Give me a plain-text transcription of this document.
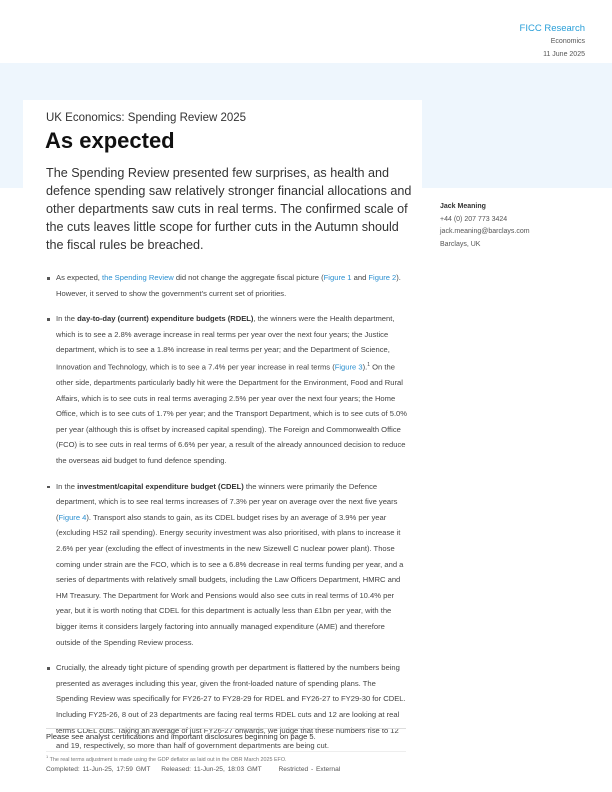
FICC Research
Economics
11 June 2025
UK Economics: Spending Review 2025
As expected
The Spending Review presented few surprises, as health and defence spending saw relatively stronger financial allocations and other departments saw cuts in real terms. The confirmed scale of the cuts leaves little scope for further cuts in the Autumn should the fiscal rules be breached.
Jack Meaning
+44 (0) 207 773 3424
jack.meaning@barclays.com
Barclays, UK
As expected, the Spending Review did not change the aggregate fiscal picture (Figure 1 and Figure 2). However, it served to show the government's current set of priorities.
In the day-to-day (current) expenditure budgets (RDEL), the winners were the Health department, which is to see a 2.8% average increase in real terms per year over the next four years; the Justice department, which is to see a 1.8% increase in real terms per year; and the Department of Science, Innovation and Technology, which is to see a 7.4% per year increase in real terms (Figure 3).$^1$ On the other side, departments particularly badly hit were the Department for the Environment, Food and Rural Affairs, which is to see cuts in real terms averaging 2.5% per year over the next four years; the Home Office, which is to see cuts of 1.7% per year; and the Transport Department, which is to see cuts of 5.0% per year (although this is offset by increased capital spending). The Foreign and Commonwealth Office (FCO) is to see cuts in real terms of 6.6% per year, a result of the already announced decision to reduce the overseas aid budget to fund defence spending.
In the investment/capital expenditure budget (CDEL) the winners were primarily the Defence department, which is to see real terms increases of 7.3% per year on average over the next five years (Figure 4). Transport also stands to gain, as its CDEL budget rises by an average of 3.9% per year (excluding HS2 rail spending). Energy security investment was also prioritised, with plans to increase it 2.6% per year (excluding the effect of investments in the new Sizewell C nuclear power plant). Those coming under strain are the FCO, which is to see a 6.8% decrease in real terms funding per year, and a series of departments with relatively small budgets, including the Law Officers Department, HMRC and HM Treasury. The Department for Work and Pensions would also see cuts in real terms of 10.4% per year, but it is worth noting that CDEL for this department is actually less than £1bn per year, with the bigger items it considers largely factoring into annually managed expenditure (AME) and therefore outside of the Spending Review process.
Crucially, the already tight picture of spending growth per department is flattered by the numbers being presented as averages including this year, given the front-loaded nature of spending plans. The Spending Review was specifically for FY26-27 to FY28-29 for RDEL and FY26-27 to FY29-30 for CDEL. Including FY25-26, 8 out of 23 departments are facing real terms RDEL cuts and 12 are looking at real terms CDEL cuts. Taking an average of just FY26-27 onwards, we judge that these numbers rise to 12 and 19, respectively, so more than half of government departments are being cut.
Please see analyst certifications and important disclosures beginning on page 5.
$^1$ The real terms adjustment is made using the GDP deflator as laid out in the OBR March 2025 EFO.
Completed: 11-Jun-25, 17:59 GMT Released: 11-Jun-25, 18:03 GMT	Restricted - External
